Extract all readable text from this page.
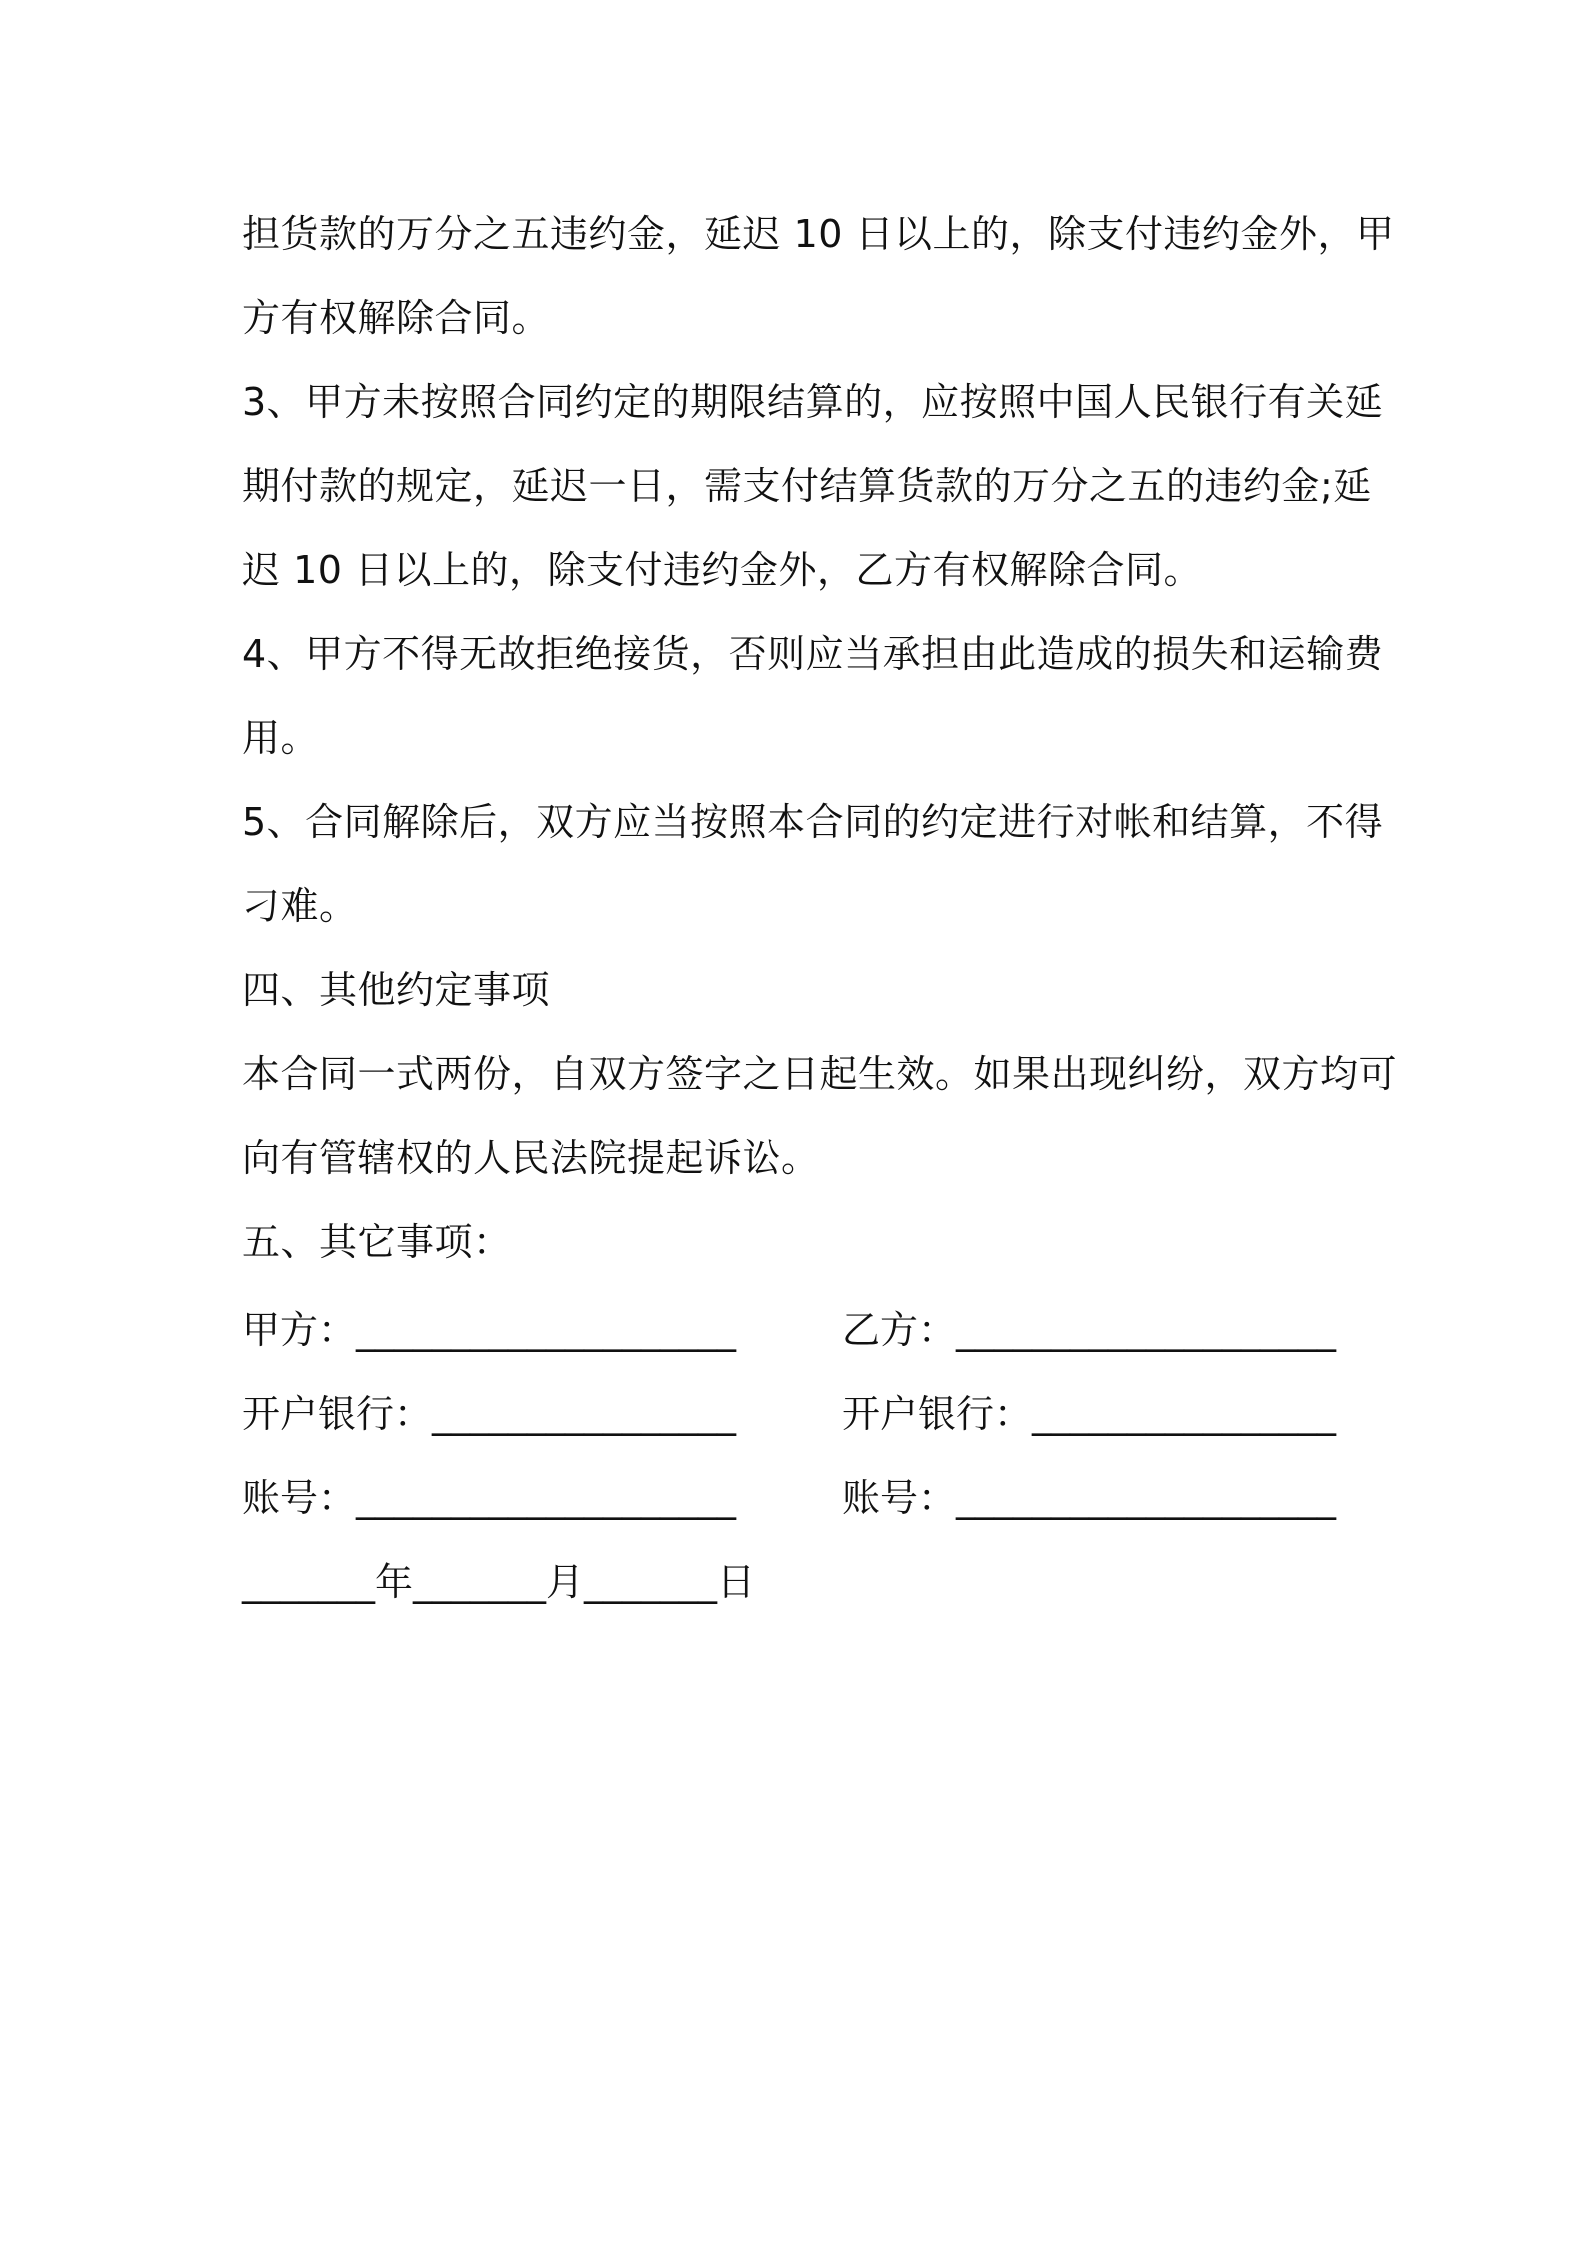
担货款的万分之五违约金，延迟 10 日以上的，除支付违约金外，甲

方有权解除合同。

3、甲方未按照合同约定的期限结算的，应按照中国人民银行有关延

期付款的规定，延迟一日，需支付结算货款的万分之五的违约金;延

迟 10 日以上的，除支付违约金外，乙方有权解除合同。

4、甲方不得无故拒绝接货，否则应当承担由此造成的损失和运输费

用。

5、合同解除后，双方应当按照本合同的约定进行对帐和结算，不得

刁难。

四、其他约定事项

本合同一式两份，自双方签字之日起生效。如果出现纠纷，双方均可

向有管辖权的人民法院提起诉讼。

五、其它事项：

甲方：____________________	乙方：____________________
开户银行：________________	开户银行：________________
账号：____________________	账号：____________________
_______年_______月_______日
